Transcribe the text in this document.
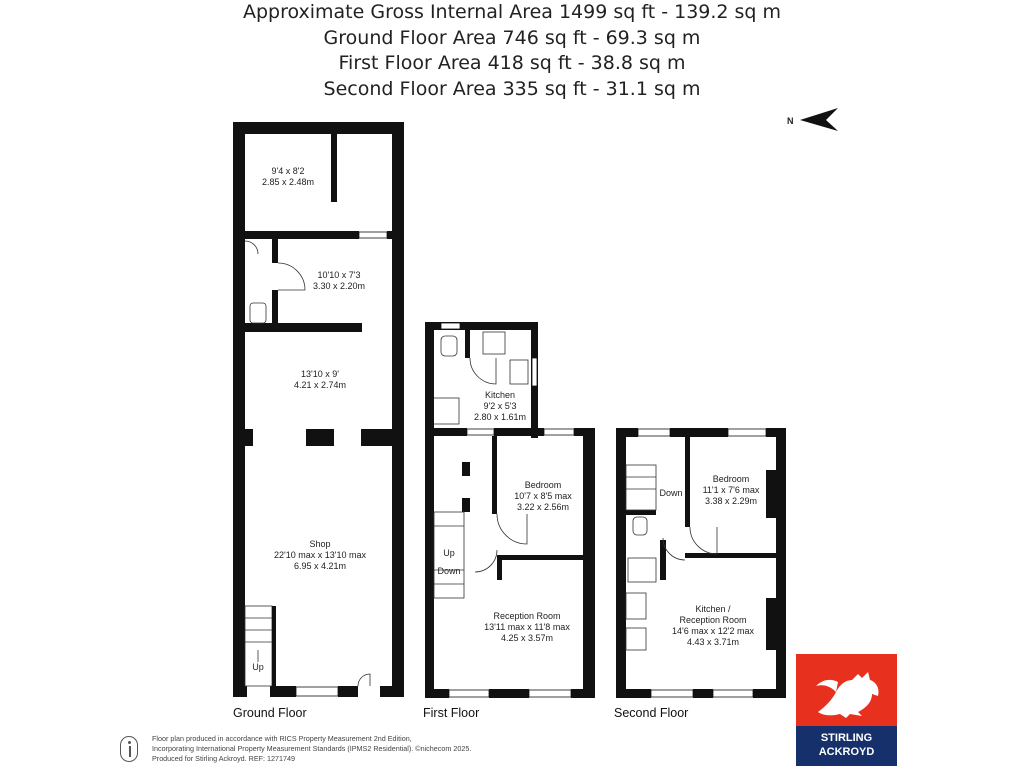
Approximate Gross Internal Area 1499 sq ft - 139.2 sq m
Ground Floor Area 746 sq ft - 69.3 sq m
First Floor Area 418 sq ft - 38.8 sq m
Second Floor Area 335 sq ft - 31.1 sq m
N
9'4 x 8'2
2.85 x 2.48m
10'10 x 7'3
3.30 x 2.20m
13'10 x 9'
4.21 x 2.74m
Shop
22'10 max x 13'10 max
6.95 x 4.21m
Up
Ground Floor
Kitchen
9'2 x 5'3
2.80 x 1.61m
Bedroom
10'7 x 8'5 max
3.22 x 2.56m
Reception Room
13'11 max x 11'8 max
4.25 x 3.57m
Up
Down
First Floor
Bedroom
11'1 x 7'6 max
3.38 x 2.29m
Down
Kitchen /
Reception Room
14'6 max x 12'2 max
4.43 x 3.71m
Second Floor
Floor plan produced in accordance with RICS Property Measurement 2nd Edition,
Incorporating International Property Measurement Standards (IPMS2 Residential). ©nichecom 2025.
Produced for Stirling Ackroyd. REF: 1271749
STIRLING
ACKROYD
